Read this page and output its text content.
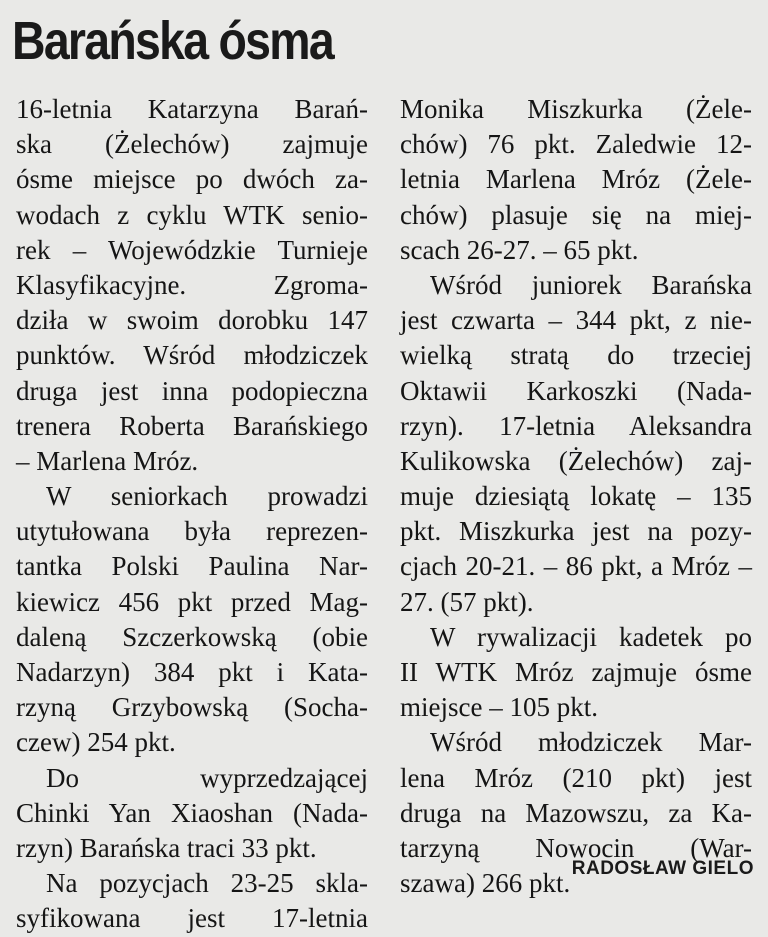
Barańska ósma
16-letnia Katarzyna Barań-
ska (Żelechów) zajmuje
ósme miejsce po dwóch za-
wodach z cyklu WTK senio-
rek – Wojewódzkie Turnieje
Klasyfikacyjne. Zgroma-
dziła w swoim dorobku 147
punktów. Wśród młodziczek
druga jest inna podopieczna
trenera Roberta Barańskiego
– Marlena Mróz.
W seniorkach prowadzi
utytułowana była reprezen-
tantka Polski Paulina Nar-
kiewicz 456 pkt przed Mag-
daleną Szczerkowską (obie
Nadarzyn) 384 pkt i Kata-
rzyną Grzybowską (Socha-
czew) 254 pkt.
Do wyprzedzającej
Chinki Yan Xiaoshan (Nada-
rzyn) Barańska traci 33 pkt.
Na pozycjach 23-25 skla-
syfikowana jest 17-letnia
Monika Miszkurka (Żele-
chów) 76 pkt. Zaledwie 12-
letnia Marlena Mróz (Żele-
chów) plasuje się na miej-
scach 26-27. – 65 pkt.
Wśród juniorek Barańska
jest czwarta – 344 pkt, z nie-
wielką stratą do trzeciej
Oktawii Karkoszki (Nada-
rzyn). 17-letnia Aleksandra
Kulikowska (Żelechów) zaj-
muje dziesiątą lokatę – 135
pkt. Miszkurka jest na pozy-
cjach 20-21. – 86 pkt, a Mróz –
27. (57 pkt).
W rywalizacji kadetek po
II WTK Mróz zajmuje ósme
miejsce – 105 pkt.
Wśród młodziczek Mar-
lena Mróz (210 pkt) jest
druga na Mazowszu, za Ka-
tarzyną Nowocin (War-
szawa) 266 pkt. RADOSŁAW GIELO
